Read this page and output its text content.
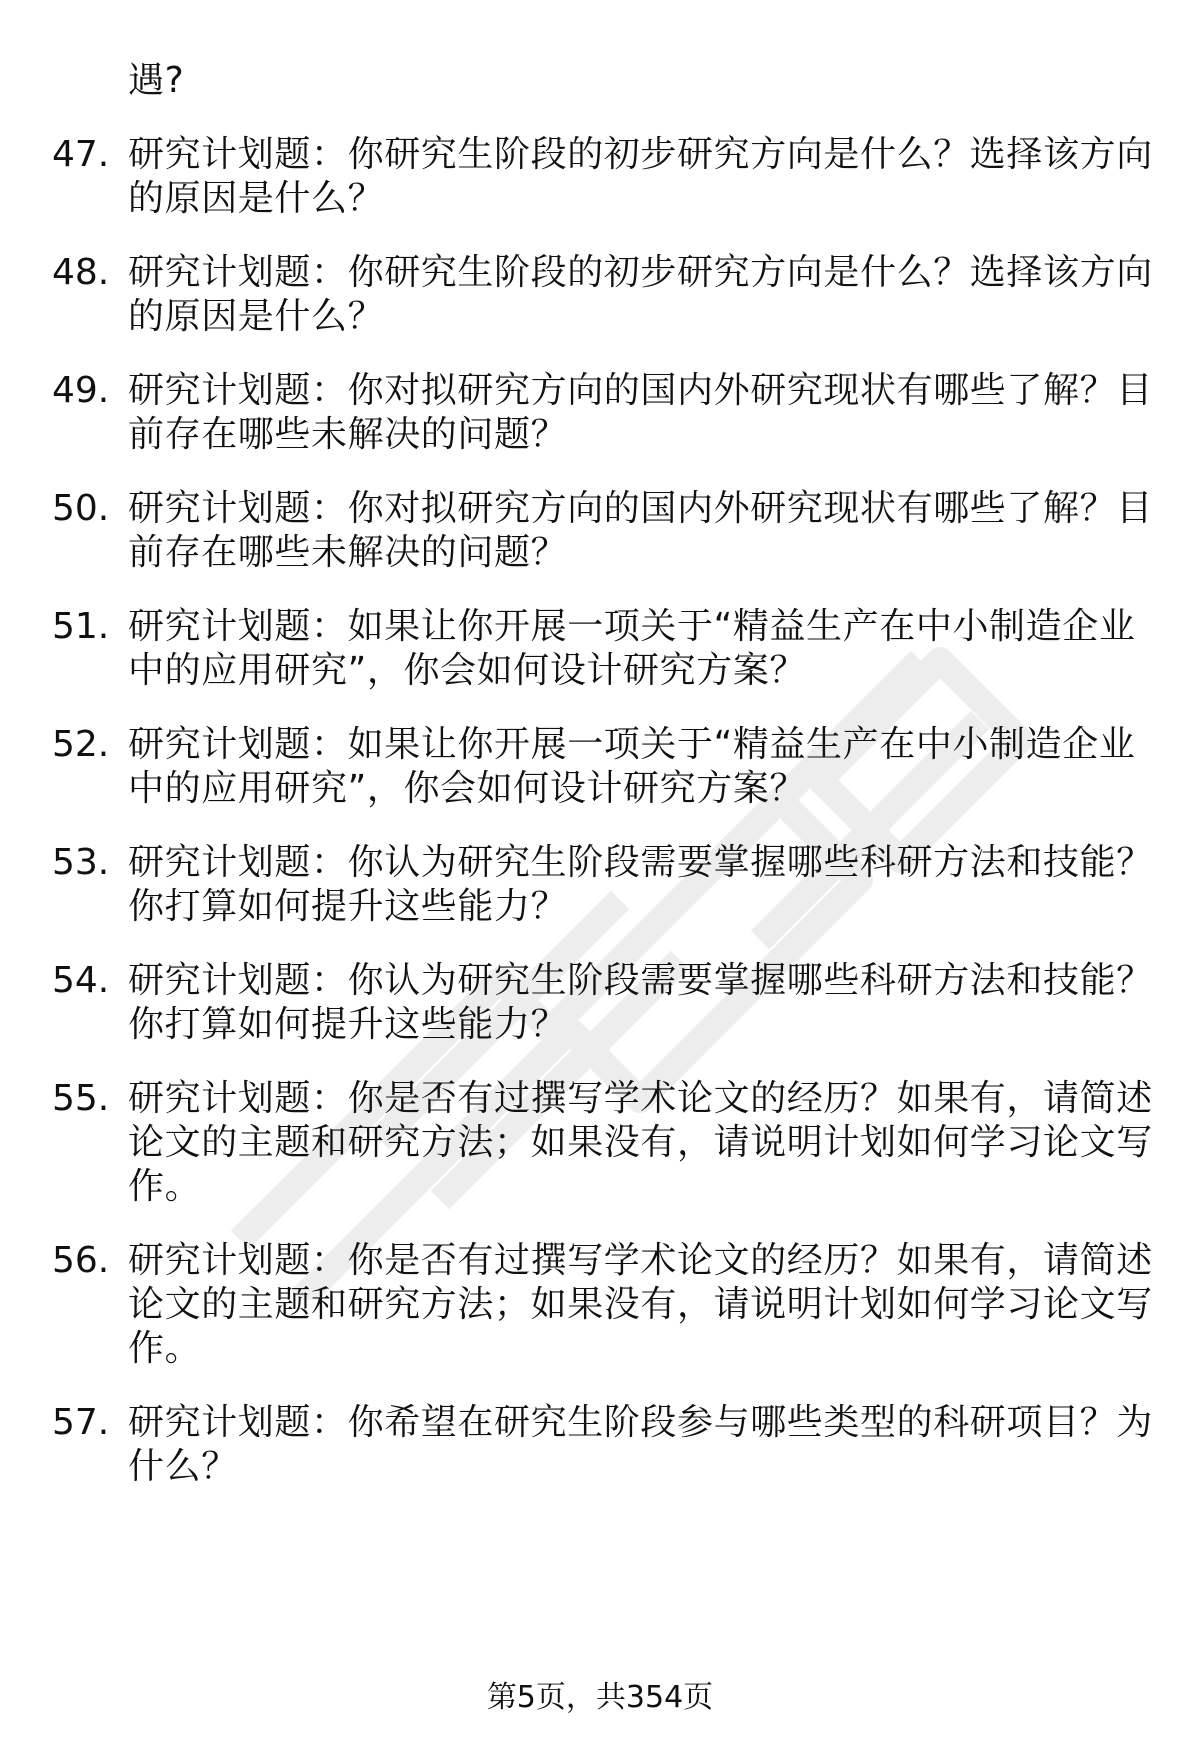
遇?
47. 研究计划题：你研究生阶段的初步研究方向是什么？选择该方向
的原因是什么？
48. 研究计划题：你研究生阶段的初步研究方向是什么？选择该方向
的原因是什么？
49. 研究计划题：你对拟研究方向的国内外研究现状有哪些了解？目
前存在哪些未解决的问题？
50. 研究计划题：你对拟研究方向的国内外研究现状有哪些了解？目
前存在哪些未解决的问题？
51. 研究计划题：如果让你开展一项关于“精益生产在中小制造企业
中的应用研究”，你会如何设计研究方案？
52. 研究计划题：如果让你开展一项关于“精益生产在中小制造企业
中的应用研究”，你会如何设计研究方案？
53. 研究计划题：你认为研究生阶段需要掌握哪些科研方法和技能？
你打算如何提升这些能力？
54. 研究计划题：你认为研究生阶段需要掌握哪些科研方法和技能？
你打算如何提升这些能力？
55. 研究计划题：你是否有过撰写学术论文的经历？如果有，请简述
论文的主题和研究方法；如果没有，请说明计划如何学习论文写
作。
56. 研究计划题：你是否有过撰写学术论文的经历？如果有，请简述
论文的主题和研究方法；如果没有，请说明计划如何学习论文写
作。
57. 研究计划题：你希望在研究生阶段参与哪些类型的科研项目？为
什么？
第5页，共354页
